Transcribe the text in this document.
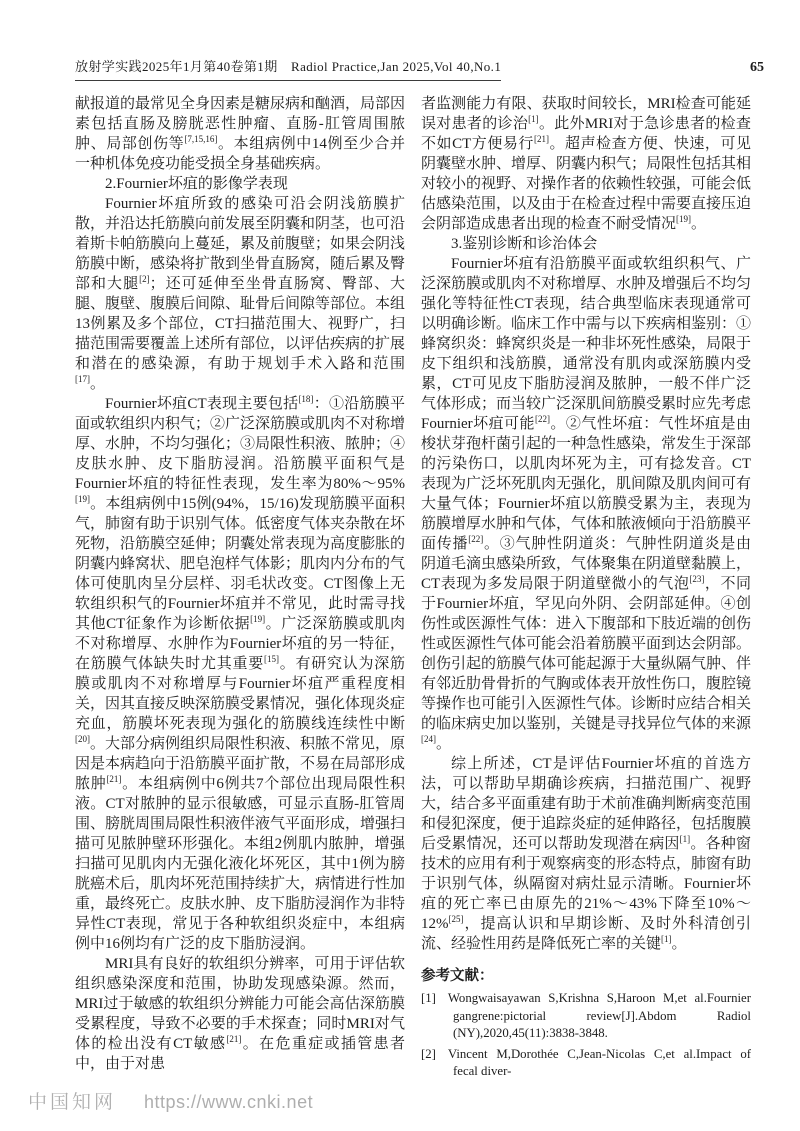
放射学实践2025年1月第40卷第1期　Radiol Practice,Jan 2025,Vol 40,No.1	65

献报道的最常见全身因素是糖尿病和酗酒，局部因素包括直肠及膀胱恶性肿瘤、直肠-肛管周围脓肿、局部创伤等[7,15,16]。本组病例中14例至少合并一种机体免疫功能受损全身基础疾病。

2.Fournier坏疽的影像学表现

Fournier坏疽所致的感染可沿会阴浅筋膜扩散，并沿达托筋膜向前发展至阴囊和阴茎，也可沿着斯卡帕筋膜向上蔓延，累及前腹壁；如果会阴浅筋膜中断，感染将扩散到坐骨直肠窝，随后累及臀部和大腿[2]；还可延伸至坐骨直肠窝、臀部、大腿、腹壁、腹膜后间隙、耻骨后间隙等部位。本组13例累及多个部位，CT扫描范围大、视野广，扫描范围需要覆盖上述所有部位，以评估疾病的扩展和潜在的感染源，有助于规划手术入路和范围[17]。

Fournier坏疽CT表现主要包括[18]：①沿筋膜平面或软组织内积气；②广泛深筋膜或肌肉不对称增厚、水肿，不均匀强化；③局限性积液、脓肿；④皮肤水肿、皮下脂肪浸润。沿筋膜平面积气是Fournier坏疽的特征性表现，发生率为80%～95%[19]。本组病例中15例(94%，15/16)发现筋膜平面积气，肺窗有助于识别气体。低密度气体夹杂散在坏死物，沿筋膜空延伸；阴囊处常表现为高度膨胀的阴囊内蜂窝状、肥皂泡样气体影；肌肉内分布的气体可使肌肉呈分层样、羽毛状改变。CT图像上无软组织积气的Fournier坏疽并不常见，此时需寻找其他CT征象作为诊断依据[19]。广泛深筋膜或肌肉不对称增厚、水肿作为Fournier坏疽的另一特征，在筋膜气体缺失时尤其重要[15]。有研究认为深筋膜或肌肉不对称增厚与Fournier坏疽严重程度相关，因其直接反映深筋膜受累情况，强化体现炎症充血，筋膜坏死表现为强化的筋膜线连续性中断[20]。大部分病例组织局限性积液、积脓不常见，原因是本病趋向于沿筋膜平面扩散，不易在局部形成脓肿[21]。本组病例中6例共7个部位出现局限性积液。CT对脓肿的显示很敏感，可显示直肠-肛管周围、膀胱周围局限性积液伴液气平面形成，增强扫描可见脓肿壁环形强化。本组2例肌内脓肿，增强扫描可见肌肉内无强化液化坏死区，其中1例为膀胱癌术后，肌肉坏死范围持续扩大，病情进行性加重，最终死亡。皮肤水肿、皮下脂肪浸润作为非特异性CT表现，常见于各种软组织炎症中，本组病例中16例均有广泛的皮下脂肪浸润。

MRI具有良好的软组织分辨率，可用于评估软组织感染深度和范围，协助发现感染源。然而，MRI过于敏感的软组织分辨能力可能会高估深筋膜受累程度，导致不必要的手术探查；同时MRI对气体的检出没有CT敏感[21]。在危重症或插管患者中，由于对患

者监测能力有限、获取时间较长，MRI检查可能延误对患者的诊治[1]。此外MRI对于急诊患者的检查不如CT方便易行[21]。超声检查方便、快速，可见阴囊壁水肿、增厚、阴囊内积气；局限性包括其相对较小的视野、对操作者的依赖性较强，可能会低估感染范围，以及由于在检查过程中需要直接压迫会阴部造成患者出现的检查不耐受情况[19]。

3.鉴别诊断和诊治体会

Fournier坏疽有沿筋膜平面或软组织积气、广泛深筋膜或肌肉不对称增厚、水肿及增强后不均匀强化等特征性CT表现，结合典型临床表现通常可以明确诊断。临床工作中需与以下疾病相鉴别：①蜂窝织炎：蜂窝织炎是一种非坏死性感染，局限于皮下组织和浅筋膜，通常没有肌肉或深筋膜内受累，CT可见皮下脂肪浸润及脓肿，一般不伴广泛气体形成；而当较广泛深肌间筋膜受累时应先考虑Fournier坏疽可能[22]。②气性坏疽：气性坏疽是由梭状芽孢杆菌引起的一种急性感染，常发生于深部的污染伤口，以肌肉坏死为主，可有捻发音。CT表现为广泛坏死肌肉无强化，肌间隙及肌肉间可有大量气体；Fournier坏疽以筋膜受累为主，表现为筋膜增厚水肿和气体，气体和脓液倾向于沿筋膜平面传播[22]。③气肿性阴道炎：气肿性阴道炎是由阴道毛滴虫感染所致，气体聚集在阴道壁黏膜上，CT表现为多发局限于阴道壁微小的气泡[23]，不同于Fournier坏疽，罕见向外阴、会阴部延伸。④创伤性或医源性气体：进入下腹部和下肢近端的创伤性或医源性气体可能会沿着筋膜平面到达会阴部。创伤引起的筋膜气体可能起源于大量纵隔气肿、伴有邻近肋骨骨折的气胸或体表开放性伤口，腹腔镜等操作也可能引入医源性气体。诊断时应结合相关的临床病史加以鉴别，关键是寻找异位气体的来源[24]。

综上所述，CT是评估Fournier坏疽的首选方法，可以帮助早期确诊疾病，扫描范围广、视野大，结合多平面重建有助于术前准确判断病变范围和侵犯深度，便于追踪炎症的延伸路径，包括腹膜后受累情况，还可以帮助发现潜在病因[1]。各种窗技术的应用有利于观察病变的形态特点，肺窗有助于识别气体，纵隔窗对病灶显示清晰。Fournier坏疽的死亡率已由原先的21%～43%下降至10%～12%[25]，提高认识和早期诊断、及时外科清创引流、经验性用药是降低死亡率的关键[1]。

参考文献：
[1] Wongwaisayawan S,Krishna S,Haroon M,et al.Fournier gangrene:pictorial review[J].Abdom Radiol (NY),2020,45(11):3838-3848.
[2] Vincent M,Dorothée C,Jean-Nicolas C,et al.Impact of fecal diver-
中国知网 https://www.cnki.net
